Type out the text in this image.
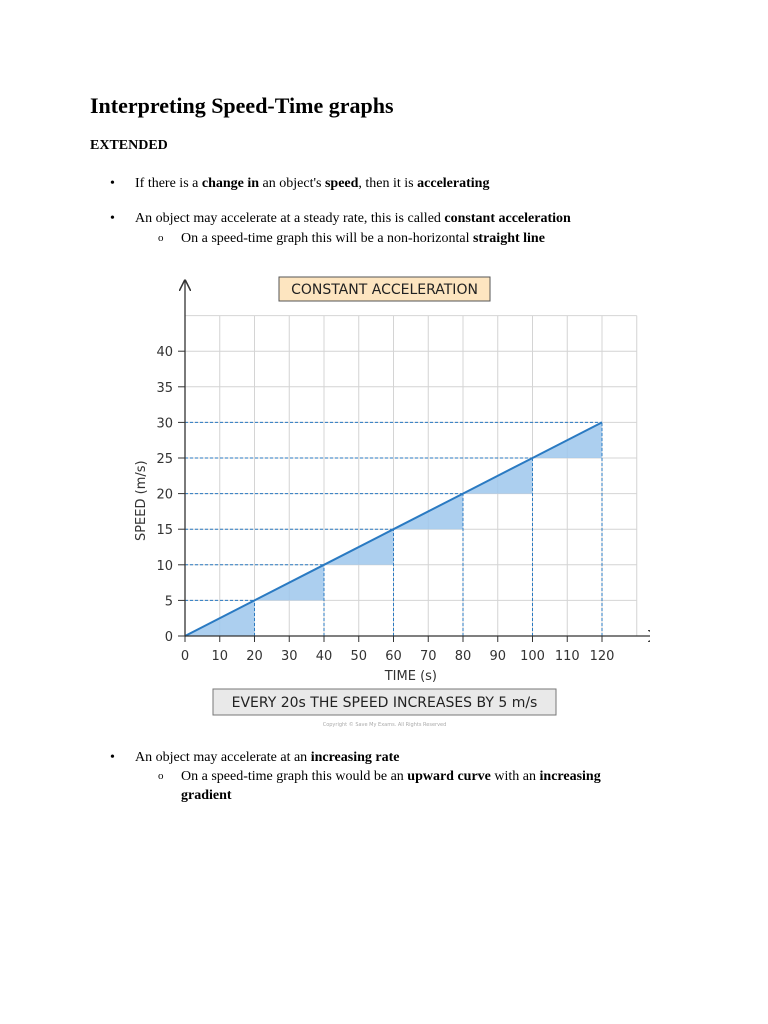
Interpreting Speed-Time graphs
EXTENDED
• If there is a change in an object's speed, then it is accelerating
• An object may accelerate at a steady rate, this is called constant acceleration
o On a speed-time graph this will be a non-horizontal straight line
CONSTANT ACCELERATION
0 10 20 30 40 50 60 70 80 90 100 110 120
0
5
10
15
20
25
30
35
40
TIME (s)
SPEED (m/s)
EVERY 20s THE SPEED INCREASES BY 5 m/s
Copyright © Save My Exams. All Rights Reserved
• An object may accelerate at an increasing rate
o On a speed-time graph this would be an upward curve with an increasing gradient
